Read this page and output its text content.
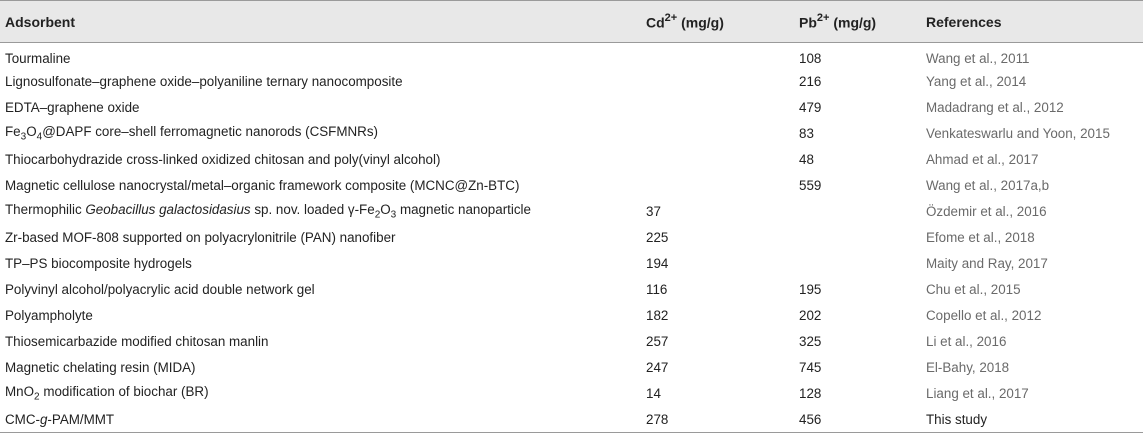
Adsorbent	$Cd^{2+}$ (mg/g)	$Pb^{2+}$ (mg/g)	References
Tourmaline		108	Wang et al., 2011
Lignosulfonate–graphene oxide–polyaniline ternary nanocomposite		216	Yang et al., 2014
EDTA–graphene oxide		479	Madadrang et al., 2012
$Fe_3O_4@DAPF$ core–shell ferromagnetic nanorods (CSFMNRs)		83	Venkateswarlu and Yoon, 2015
Thiocarbohydrazide cross-linked oxidized chitosan and poly(vinyl alcohol)		48	Ahmad et al., 2017
Magnetic cellulose nanocrystal/metal–organic framework composite (MCNC@Zn-BTC)		559	Wang et al., 2017a,b
Thermophilic Geobacillus galactosidasius sp. nov. loaded $\gamma-Fe_2O_3$ magnetic nanoparticle	37		Özdemir et al., 2016
Zr-based MOF-808 supported on polyacrylonitrile (PAN) nanofiber	225		Efome et al., 2018
TP–PS biocomposite hydrogels	194		Maity and Ray, 2017
Polyvinyl alcohol/polyacrylic acid double network gel	116	195	Chu et al., 2015
Polyampholyte	182	202	Copello et al., 2012
Thiosemicarbazide modified chitosan manlin	257	325	Li et al., 2016
Magnetic chelating resin (MIDA)	247	745	El-Bahy, 2018
MnO$_2$ modification of biochar (BR)	14	128	Liang et al., 2017
CMC-g-PAM/MMT	278	456	This study
